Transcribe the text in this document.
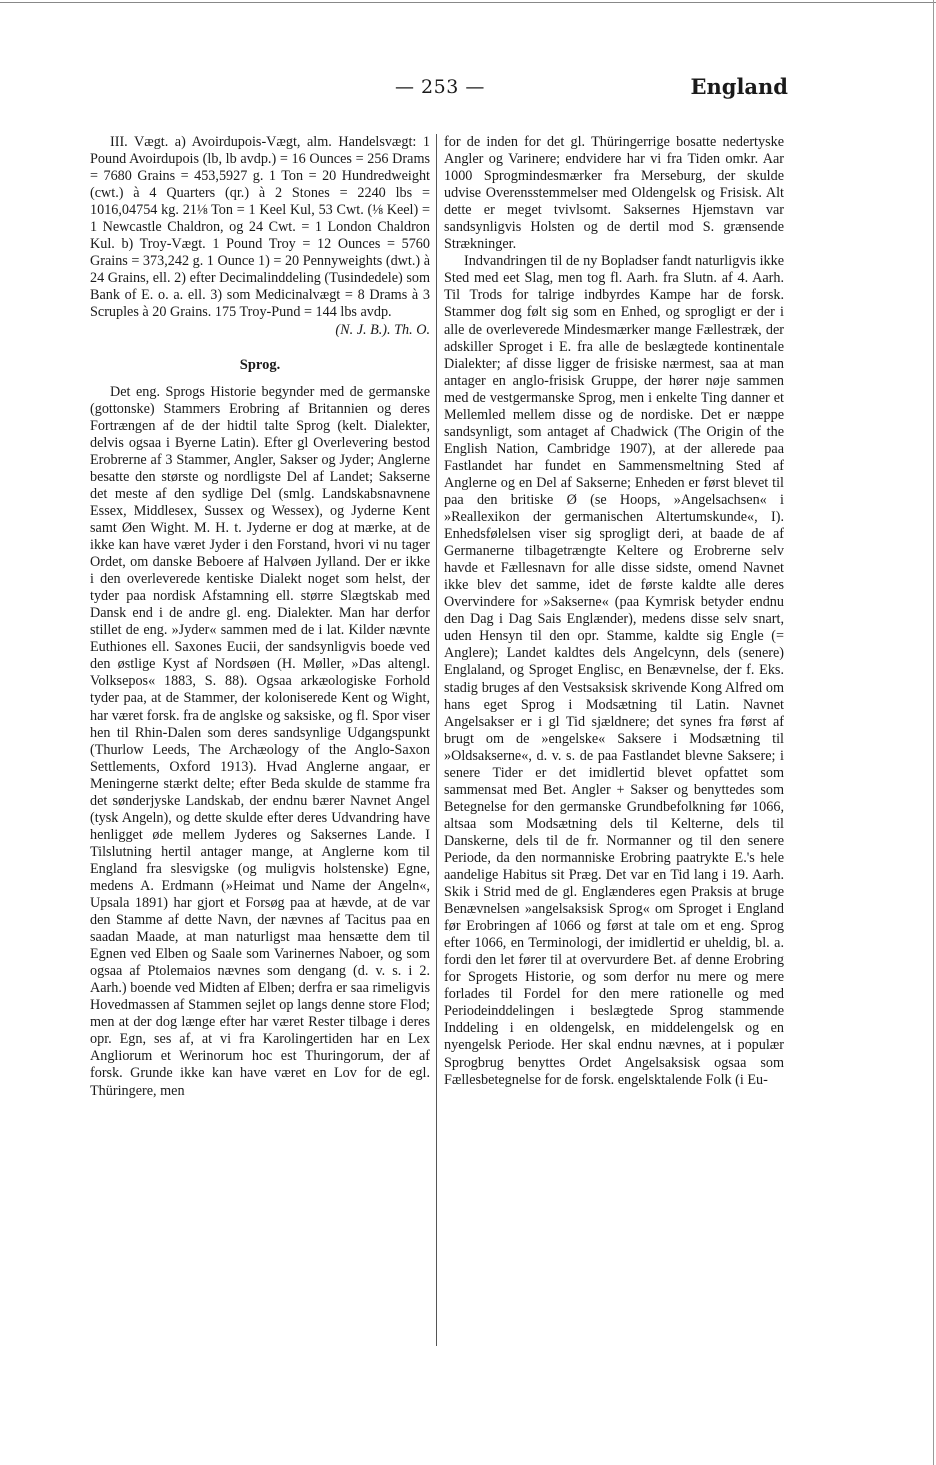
— 253 —	England

III. Vægt. a) Avoirdupois-Vægt, alm. Handelsvægt: 1 Pound Avoirdupois (lb, lb avdp.) = 16 Ounces = 256 Drams = 7680 Grains = 453,5927 g. 1 Ton = 20 Hundredweight (cwt.) à 4 Quarters (qr.) à 2 Stones = 2240 lbs = 1016,04754 kg. 21⅛ Ton = 1 Keel Kul, 53 Cwt. (⅛ Keel) = 1 Newcastle Chaldron, og 24 Cwt. = 1 London Chaldron Kul. b) Troy-Vægt. 1 Pound Troy = 12 Ounces = 5760 Grains = 373,242 g. 1 Ounce 1) = 20 Pennyweights (dwt.) à 24 Grains, ell. 2) efter Decimalinddeling (Tusindedele) som Bank of E. o. a. ell. 3) som Medicinalvægt = 8 Drams à 3 Scruples à 20 Grains. 175 Troy-Pund = 144 lbs avdp.

(N. J. B.). Th. O.

Sprog.

Det eng. Sprogs Historie begynder med de germanske (gottonske) Stammers Erobring af Britannien og deres Fortrængen af de der hidtil talte Sprog (kelt. Dialekter, delvis ogsaa i Byerne Latin). Efter gl Overlevering bestod Erobrerne af 3 Stammer, Angler, Sakser og Jyder; Anglerne besatte den største og nordligste Del af Landet; Sakserne det meste af den sydlige Del (smlg. Landskabsnavnene Essex, Middlesex, Sussex og Wessex), og Jyderne Kent samt Øen Wight. M. H. t. Jyderne er dog at mærke, at de ikke kan have været Jyder i den Forstand, hvori vi nu tager Ordet, om danske Beboere af Halvøen Jylland. Der er ikke i den overleverede kentiske Dialekt noget som helst, der tyder paa nordisk Afstamning ell. større Slægtskab med Dansk end i de andre gl. eng. Dialekter. Man har derfor stillet de eng. »Jyder« sammen med de i lat. Kilder nævnte Euthiones ell. Saxones Eucii, der sandsynligvis boede ved den østlige Kyst af Nordsøen (H. Møller, »Das altengl. Volksepos« 1883, S. 88). Ogsaa arkæologiske Forhold tyder paa, at de Stammer, der koloniserede Kent og Wight, har været forsk. fra de anglske og saksiske, og fl. Spor viser hen til Rhin-Dalen som deres sandsynlige Udgangspunkt (Thurlow Leeds, The Archæology of the Anglo-Saxon Settlements, Oxford 1913). Hvad Anglerne angaar, er Meningerne stærkt delte; efter Beda skulde de stamme fra det sønderjyske Landskab, der endnu bærer Navnet Angel (tysk Angeln), og dette skulde efter deres Udvandring have henligget øde mellem Jyderes og Saksernes Lande. I Tilslutning hertil antager mange, at Anglerne kom til England fra slesvigske (og muligvis holstenske) Egne, medens A. Erdmann (»Heimat und Name der Angeln«, Upsala 1891) har gjort et Forsøg paa at hævde, at de var den Stamme af dette Navn, der nævnes af Tacitus paa en saadan Maade, at man naturligst maa hensætte dem til Egnen ved Elben og Saale som Varinernes Naboer, og som ogsaa af Ptolemaios nævnes som dengang (d. v. s. i 2. Aarh.) boende ved Midten af Elben; derfra er saa rimeligvis Hovedmassen af Stammen sejlet op langs denne store Flod; men at der dog længe efter har været Rester tilbage i deres opr. Egn, ses af, at vi fra Karolingertiden har en Lex Angliorum et Werinorum hoc est Thuringorum, der af forsk. Grunde ikke kan have været en Lov for de egl. Thüringere, men

for de inden for det gl. Thüringerrige bosatte nedertyske Angler og Varinere; endvidere har vi fra Tiden omkr. Aar 1000 Sprogmindesmærker fra Merseburg, der skulde udvise Overensstemmelser med Oldengelsk og Frisisk. Alt dette er meget tvivlsomt. Saksernes Hjemstavn var sandsynligvis Holsten og de dertil mod S. grænsende Strækninger.

Indvandringen til de ny Bopladser fandt naturligvis ikke Sted med eet Slag, men tog fl. Aarh. fra Slutn. af 4. Aarh. Til Trods for talrige indbyrdes Kampe har de forsk. Stammer dog følt sig som en Enhed, og sprogligt er der i alle de overleverede Mindesmærker mange Fællestræk, der adskiller Sproget i E. fra alle de beslægtede kontinentale Dialekter; af disse ligger de frisiske nærmest, saa at man antager en anglo-frisisk Gruppe, der hører nøje sammen med de vestgermanske Sprog, men i enkelte Ting danner et Mellemled mellem disse og de nordiske. Det er næppe sandsynligt, som antaget af Chadwick (The Origin of the English Nation, Cambridge 1907), at der allerede paa Fastlandet har fundet en Sammensmeltning Sted af Anglerne og en Del af Sakserne; Enheden er først blevet til paa den britiske Ø (se Hoops, »Angelsachsen« i »Reallexikon der germanischen Altertumskunde«, I). Enhedsfølelsen viser sig sprogligt deri, at baade de af Germanerne tilbagetrængte Keltere og Erobrerne selv havde et Fællesnavn for alle disse sidste, omend Navnet ikke blev det samme, idet de første kaldte alle deres Overvindere for »Sakserne« (paa Kymrisk betyder endnu den Dag i Dag Sais Englænder), medens disse selv snart, uden Hensyn til den opr. Stamme, kaldte sig Engle (= Anglere); Landet kaldtes dels Angelcynn, dels (senere) Englaland, og Sproget Englisc, en Benævnelse, der f. Eks. stadig bruges af den Vestsaksisk skrivende Kong Alfred om hans eget Sprog i Modsætning til Latin. Navnet Angelsakser er i gl Tid sjældnere; det synes fra først af brugt om de »engelske« Saksere i Modsætning til »Oldsakserne«, d. v. s. de paa Fastlandet blevne Saksere; i senere Tider er det imidlertid blevet opfattet som sammensat med Bet. Angler + Sakser og benyttedes som Betegnelse for den germanske Grundbefolkning før 1066, altsaa som Modsætning dels til Kelterne, dels til Danskerne, dels til de fr. Normanner og til den senere Periode, da den normanniske Erobring paatrykte E.'s hele aandelige Habitus sit Præg. Det var en Tid lang i 19. Aarh. Skik i Strid med de gl. Englænderes egen Praksis at bruge Benævnelsen »angelsaksisk Sprog« om Sproget i England før Erobringen af 1066 og først at tale om et eng. Sprog efter 1066, en Terminologi, der imidlertid er uheldig, bl. a. fordi den let fører til at overvurdere Bet. af denne Erobring for Sprogets Historie, og som derfor nu mere og mere forlades til Fordel for den mere rationelle og med Periodeinddelingen i beslægtede Sprog stammende Inddeling i en oldengelsk, en middelengelsk og en nyengelsk Periode. Her skal endnu nævnes, at i populær Sprogbrug benyttes Ordet Angelsaksisk ogsaa som Fællesbetegnelse for de forsk. engelsktalende Folk (i Eu-
